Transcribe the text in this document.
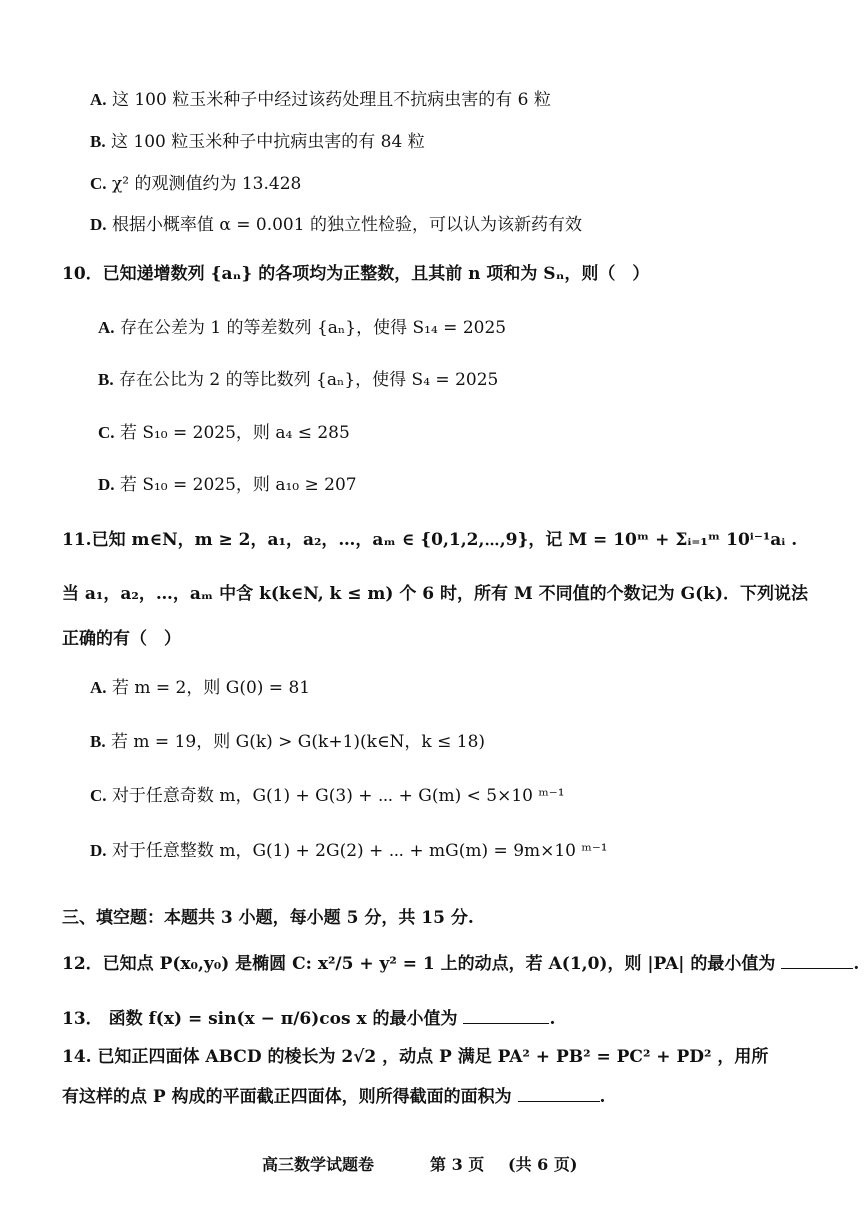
A. 这 100 粒玉米种子中经过该药处理且不抗病虫害的有 6 粒
B. 这 100 粒玉米种子中抗病虫害的有 84 粒
C. χ² 的观测值约为 13.428
D. 根据小概率值 α = 0.001 的独立性检验，可以认为该新药有效
10．已知递增数列 {aₙ} 的各项均为正整数，且其前 n 项和为 Sₙ，则（　）
A. 存在公差为 1 的等差数列 {aₙ}，使得 S₁₄ = 2025
B. 存在公比为 2 的等比数列 {aₙ}，使得 S₄ = 2025
C. 若 S₁₀ = 2025，则 a₄ ≤ 285
D. 若 S₁₀ = 2025，则 a₁₀ ≥ 207
11.已知 m∈N，m ≥ 2，a₁，a₂，…，aₘ ∈ {0,1,2,⋯,9}，记 M = 10ᵐ + Σᵢ₌₁ᵐ 10ⁱ⁻¹aᵢ .
当 a₁，a₂，…，aₘ 中含 k(k∈N, k ≤ m) 个 6 时，所有 M 不同值的个数记为 G(k)．下列说法
正确的有（　）
A. 若 m = 2，则 G(0) = 81
B. 若 m = 19，则 G(k) > G(k+1)(k∈N，k ≤ 18)
C. 对于任意奇数 m，G(1) + G(3) + ⋯ + G(m) < 5×10 ᵐ⁻¹
D. 对于任意整数 m，G(1) + 2G(2) + ⋯ + mG(m) = 9m×10 ᵐ⁻¹
三、填空题：本题共 3 小题，每小题 5 分，共 15 分.
12．已知点 P(x₀,y₀) 是椭圆 C: x²/5 + y² = 1 上的动点，若 A(1,0)，则 |PA| 的最小值为	.
13． 函数 f(x) = sin(x − π/6)cos x 的最小值为	.
14. 已知正四面体 ABCD 的棱长为 2√2 ，动点 P 满足 PA² + PB² = PC² + PD² ，用所
有这样的点 P 构成的平面截正四面体，则所得截面的面积为	.
高三数学试题卷	第 3 页 (共 6 页)
